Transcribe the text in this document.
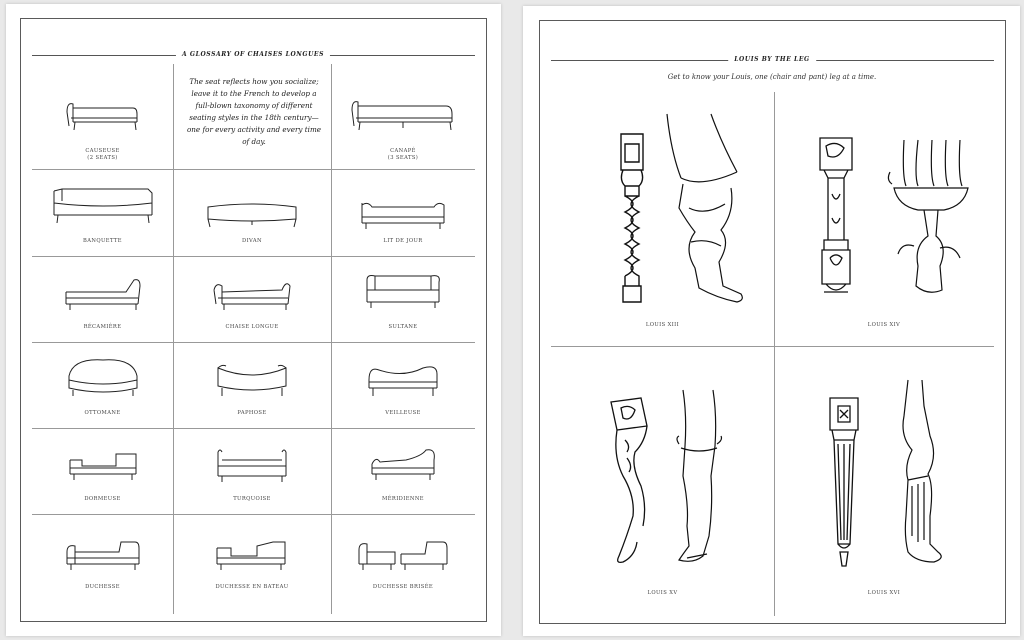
A GLOSSARY OF CHAISES LONGUES
The seat reflects how you socialize; leave it to the French to develop a full-blown taxonomy of different seating styles in the 18th century—one for every activity and every time of day.
CAUSEUSE
(2 SEATS)
CANAPÉ
(3 SEATS)
BANQUETTE	DIVAN	LIT DE JOUR
RÉCAMIÈRE	CHAISE LONGUE	SULTANE
OTTOMANE	PAPHOSE	VEILLEUSE
DORMEUSE	TURQUOISE	MÉRIDIENNE
DUCHESSE	DUCHESSE EN BATEAU	DUCHESSE BRISÉE
LOUIS BY THE LEG
Get to know your Louis, one (chair and pant) leg at a time.
LOUIS XIII	LOUIS XIV
LOUIS XV	LOUIS XVI
